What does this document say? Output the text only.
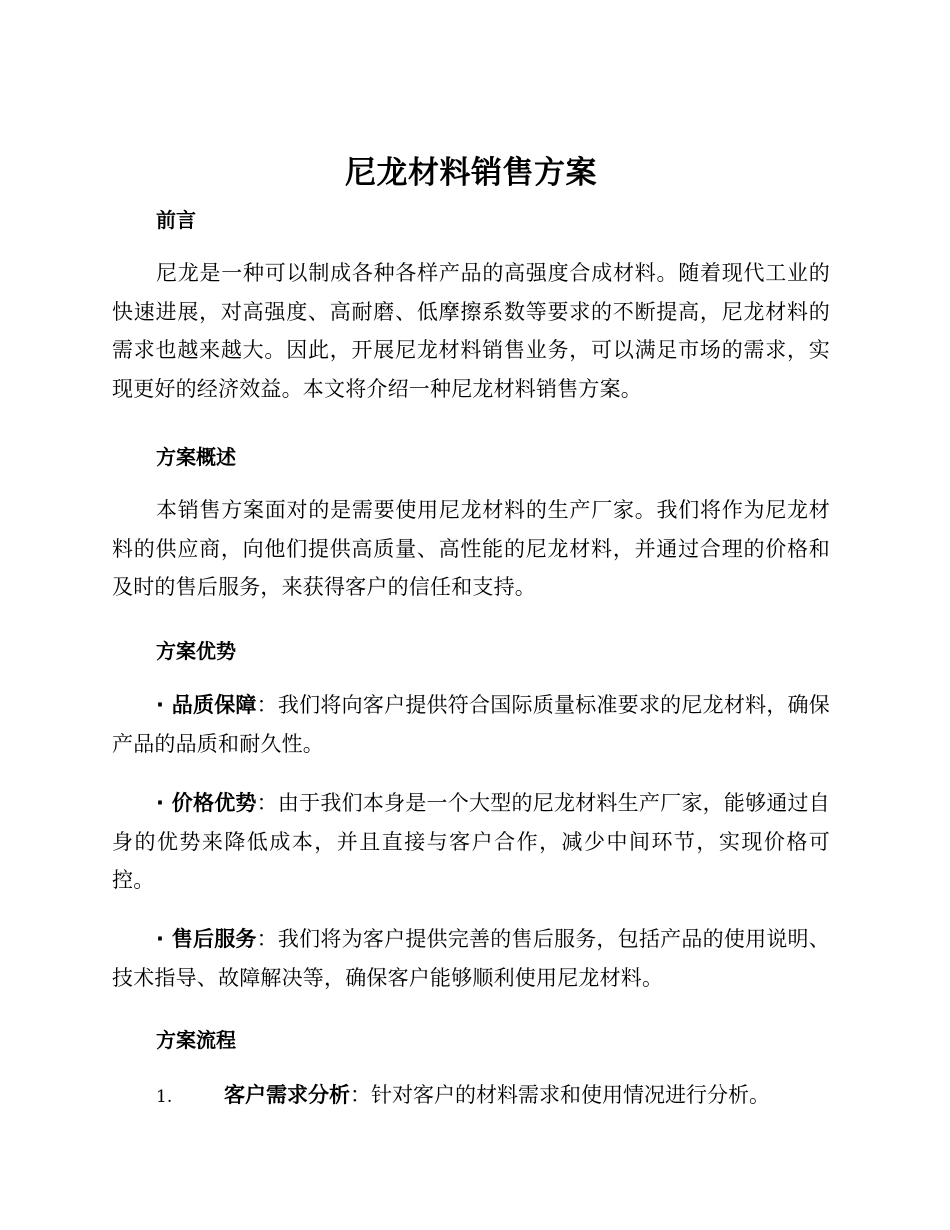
尼龙材料销售方案
前言
尼龙是一种可以制成各种各样产品的高强度合成材料。随着现代工业的快速进展，对高强度、高耐磨、低摩擦系数等要求的不断提高，尼龙材料的需求也越来越大。因此，开展尼龙材料销售业务，可以满足市场的需求，实现更好的经济效益。本文将介绍一种尼龙材料销售方案。
方案概述
本销售方案面对的是需要使用尼龙材料的生产厂家。我们将作为尼龙材料的供应商，向他们提供高质量、高性能的尼龙材料，并通过合理的价格和及时的售后服务，来获得客户的信任和支持。
方案优势
· 品质保障：我们将向客户提供符合国际质量标准要求的尼龙材料，确保产品的品质和耐久性。
· 价格优势：由于我们本身是一个大型的尼龙材料生产厂家，能够通过自身的优势来降低成本，并且直接与客户合作，减少中间环节，实现价格可控。
· 售后服务：我们将为客户提供完善的售后服务，包括产品的使用说明、技术指导、故障解决等，确保客户能够顺利使用尼龙材料。
方案流程
1. 客户需求分析：针对客户的材料需求和使用情况进行分析。
